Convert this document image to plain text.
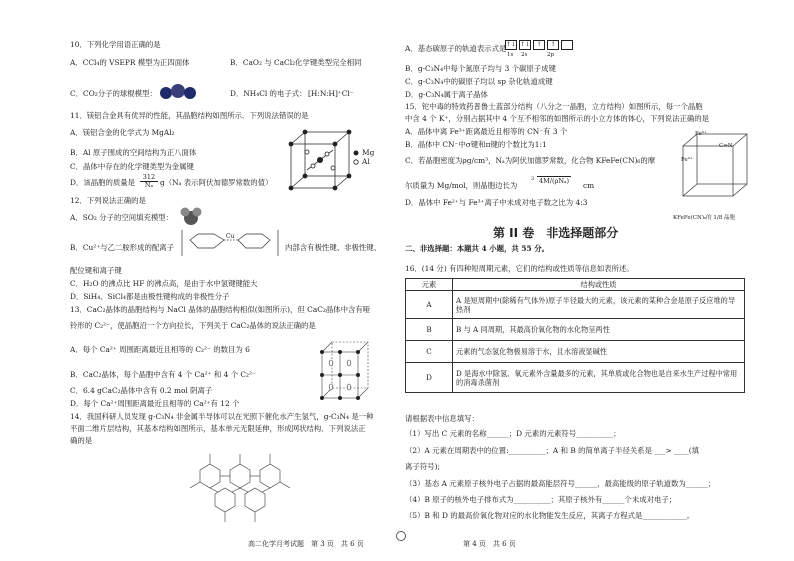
10．下列化学用语正确的是
A．CCl₄的 VSEPR 模型为正四面体	B．CaO₂ 与 CaCl₂化学键类型完全相同
C．CO₂分子的球棍模型：	D．NH₄Cl 的电子式： [H:N:H]⁺Cl⁻
11．镁铝合金具有优异的性能，其晶胞结构如图所示．下列说法错误的是
A．镁铝合金的化学式为 MgAl₂
B．Al 原子围成的空间结构为正八面体
C．晶体中存在的化学键类型为金属键
D．该晶胞的质量是 $\frac{312}{\text{Nₐ}} g(N_a$ 表示阿伏加德罗常数的值）
Mg
Al
12．下列说法正确的是
A．SO₂ 分子的空间填充模型：
B．Cu²⁺与乙二胺形成的配离子
Cu
内部含有极性键、非极性键、
配位键和离子键
C．H₂O 的沸点比 HF 的沸点高，是由于水中氢键键能大
D．SiH₄、SiCl₄都是由极性键构成的非极性分子
13．CaC₂晶体的晶胞结构与 NaCl 晶体的晶胞结构相似(如图所示)，但 CaC₂晶体中含有哑
铃形的 C₂²⁻，使晶胞沿一个方向拉长，下列关于 CaC₂晶体的说法正确的是
A．每个 Ca²⁺ 周围距离最近且相等的 C₂²⁻ 的数目为 6
B．CaC₂晶体，每个晶胞中含有 4 个 Ca²⁺ 和 4 个 C₂²⁻
C．6.4 gCaC₂晶体中含有 0.2 mol 阴离子
D．每个 Ca²⁺周围距离最近且相等的 Ca²⁺有 12 个
14．我国科研人员发现 g-C₃N₄ 非金属半导体可以在光照下催化水产生氢气，g-C₃N₄ 是一种
平面二维片层结构，其基本结构如图所示，基本单元无限延伸，形成网状结构．下列说法正
确的是
高二化学月考试题　第 3 页　共 6 页
A．基态碳原子的轨道表示式是 ↑↓ ↑↓	↑	↑
1s 2s	2p
B．g-C₃N₄中每个氮原子均与 3 个碳原子成键
C．g-C₃N₄中的碳原子均以 sp 杂化轨道成键
D．g-C₃N₄属于离子晶体
15．铊中毒的特效药普鲁士蓝部分结构（八分之一晶胞，立方结构）如图所示，每一个晶胞
中含 4 个 K⁺，分别占据其中 4 个互不相邻的如图所示的小立方体的体心，下列说法正确的是
A．晶体中离 Fe³⁺距离最近且相等的 CN⁻有 3 个
B．晶体中 CN⁻中σ键和π键的个数比为1:1
C．若晶胞密度为ρg/cm³，Nₐ为阿伏加德罗常数，化合物 KFeFe(CN)₆的摩
尔质量为 Mg/mol，则晶胞边长为
3 4M/(ρNₐ) cm
D．晶体中 Fe²⁺与 Fe³⁺离子中未成对电子数之比为 4:3
Fe³⁺
C≡N
Fe²⁺
KFeFe(CN)₆的 1/8 晶胞
第 II 卷　非选择题部分
二、非选择题：本题共 4 小题，共 55 分。
16．(14 分) 有四种短周期元素，它们的结构或性质等信息如表所述。
元素	结构或性质
A	A 是短周期中(除稀有气体外)原子半径最大的元素，该元素的某种合金是原子反应堆的导热剂
B	B 与 A 同周期，其最高价氧化物的水化物呈两性
C	元素的气态氢化物极易溶于水，且水溶液显碱性
D	D 是海水中除氢、氧元素外含量最多的元素，其单质或化合物也是自来水生产过程中常用的消毒杀菌剂
请根据表中信息填写：
（1）写出 C 元素的名称______；D 元素的元素符号__________；
（2）A 元素在周期表中的位置:__________；A 和 B 的简单离子半径关系是 ___> ____(填
离子符号);
（3）基态 A 元素原子核外电子占据的最高能层符号______，最高能级的原子轨道数为______；
（4）B 原子的核外电子排布式为__________；其原子核外有______个未成对电子；
（5）B 和 D 的最高价氧化物对应的水化物能发生反应，其离子方程式是____________。
第 4 页　共 6 页
